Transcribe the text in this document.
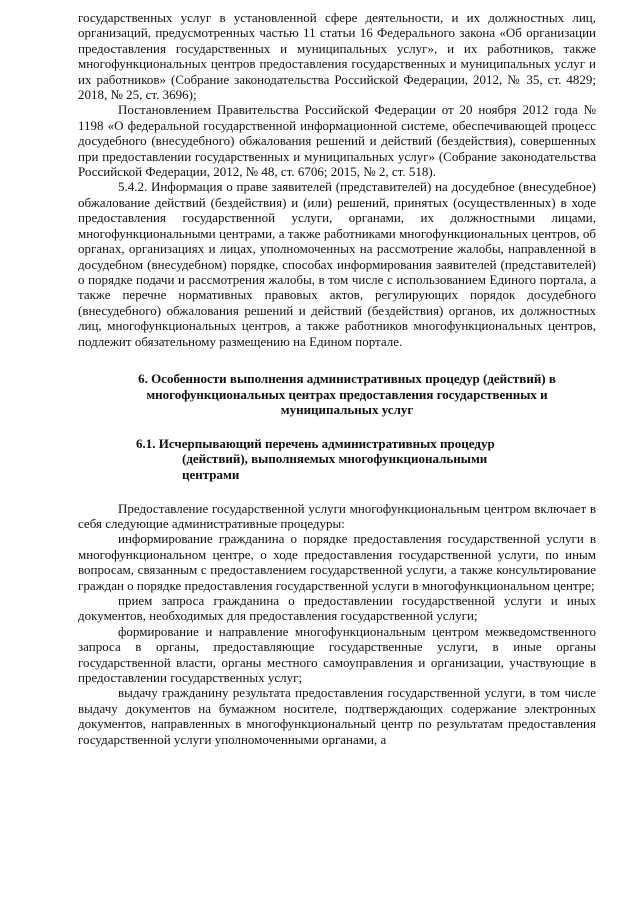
государственных услуг в установленной сфере деятельности, и их должностных лиц, организаций, предусмотренных частью 11 статьи 16 Федерального закона «Об организации предоставления государственных и муниципальных услуг», и их работников, также многофункциональных центров предоставления государственных и муниципальных услуг и их работников» (Собрание законодательства Российской Федерации, 2012, № 35, ст. 4829; 2018, № 25, ст. 3696);

Постановлением Правительства Российской Федерации от 20 ноября 2012 года № 1198 «О федеральной государственной информационной системе, обеспечивающей процесс досудебного (внесудебного) обжалования решений и действий (бездействия), совершенных при предоставлении государственных и муниципальных услуг» (Собрание законодательства Российской Федерации, 2012, № 48, ст. 6706; 2015, № 2, ст. 518).

5.4.2. Информация о праве заявителей (представителей) на досудебное (внесудебное) обжалование действий (бездействия) и (или) решений, принятых (осуществленных) в ходе предоставления государственной услуги, органами, их должностными лицами, многофункциональными центрами, а также работниками многофункциональных центров, об органах, организациях и лицах, уполномоченных на рассмотрение жалобы, направленной в досудебном (внесудебном) порядке, способах информирования заявителей (представителей) о порядке подачи и рассмотрения жалобы, в том числе с использованием Единого портала, а также перечне нормативных правовых актов, регулирующих порядок досудебного (внесудебного) обжалования решений и действий (бездействия) органов, их должностных лиц, многофункциональных центров, а также работников многофункциональных центров, подлежит обязательному размещению на Едином портале.

6. Особенности выполнения административных процедур (действий) в многофункциональных центрах предоставления государственных и муниципальных услуг
6.1. Исчерпывающий перечень административных процедур
(действий), выполняемых многофункциональными
центрами

Предоставление государственной услуги многофункциональным центром включает в себя следующие административные процедуры:

информирование гражданина о порядке предоставления государственной услуги в многофункциональном центре, о ходе предоставления государственной услуги, по иным вопросам, связанным с предоставлением государственной услуги, а также консультирование граждан о порядке предоставления государственной услуги в многофункциональном центре;

прием запроса гражданина о предоставлении государственной услуги и иных документов, необходимых для предоставления государственной услуги;

формирование и направление многофункциональным центром межведомственного запроса в органы, предоставляющие государственные услуги, в иные органы государственной власти, органы местного самоуправления и организации, участвующие в предоставлении государственных услуг;

выдачу гражданину результата предоставления государственной услуги, в том числе выдачу документов на бумажном носителе, подтверждающих содержание электронных документов, направленных в многофункциональный центр по результатам предоставления государственной услуги уполномоченными органами, а
